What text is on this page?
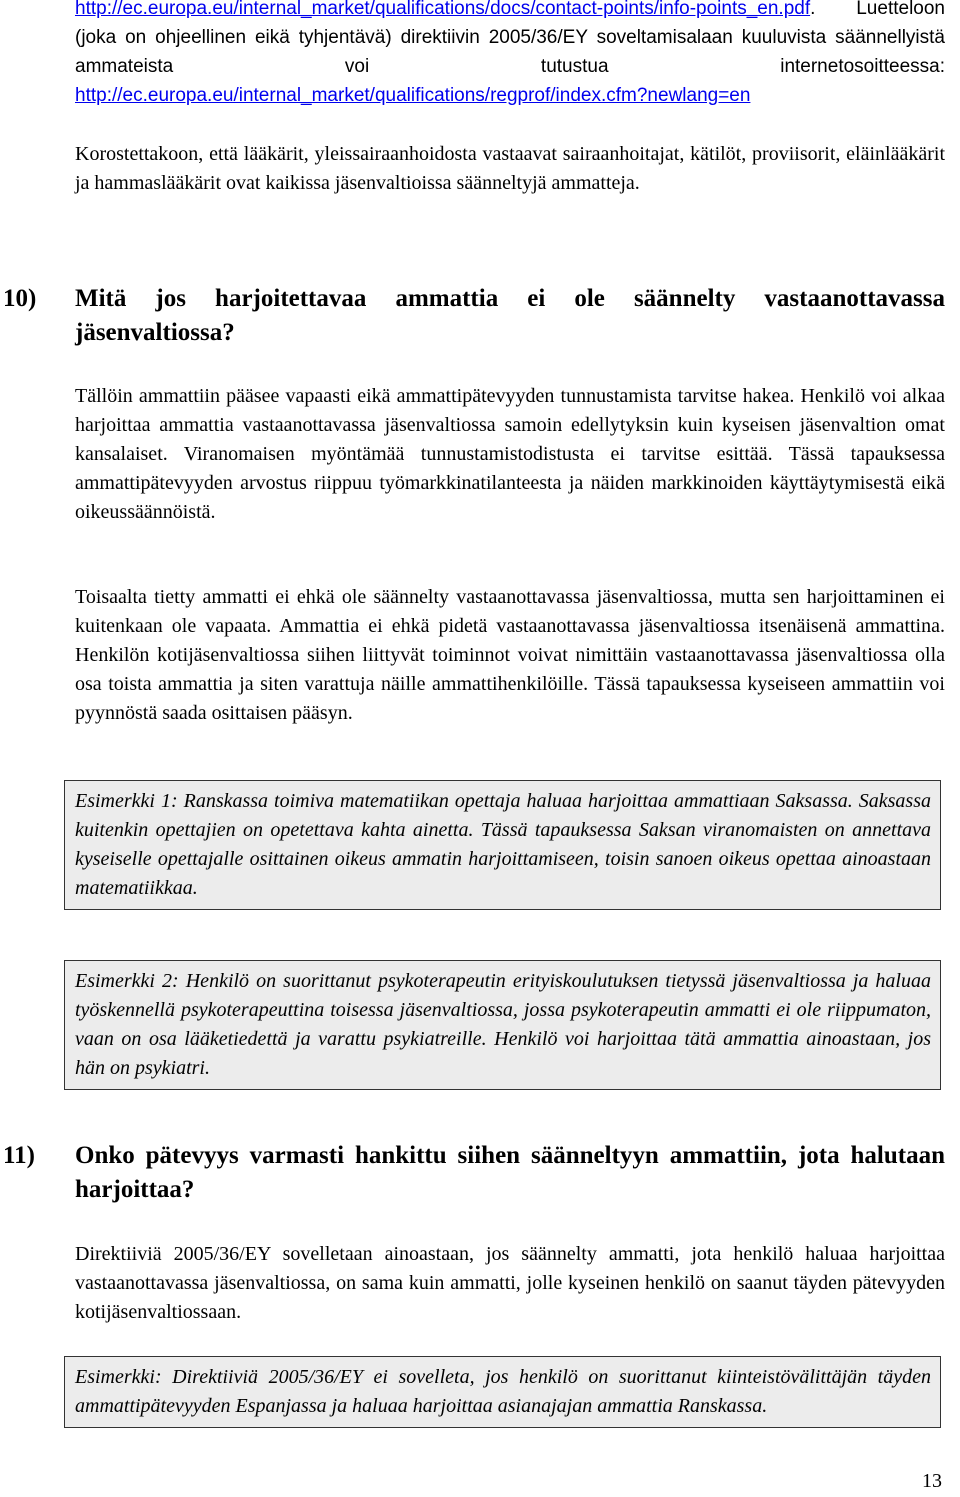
http://ec.europa.eu/internal_market/qualifications/docs/contact-points/info-points_en.pdf. Luetteloon (joka on ohjeellinen eikä tyhjentävä) direktiivin 2005/36/EY soveltamisalaan kuuluvista säännellyistä ammateista voi tutustua internetosoitteessa: http://ec.europa.eu/internal_market/qualifications/regprof/index.cfm?newlang=en

Korostettakoon, että lääkärit, yleissairaanhoidosta vastaavat sairaanhoitajat, kätilöt, proviisorit, eläinlääkärit ja hammaslääkärit ovat kaikissa jäsenvaltioissa säänneltyjä ammatteja.

10) Mitä jos harjoitettavaa ammattia ei ole säännelty vastaanottavassa jäsenvaltiossa?

Tällöin ammattiin pääsee vapaasti eikä ammattipätevyyden tunnustamista tarvitse hakea. Henkilö voi alkaa harjoittaa ammattia vastaanottavassa jäsenvaltiossa samoin edellytyksin kuin kyseisen jäsenvaltion omat kansalaiset. Viranomaisen myöntämää tunnustamistodistusta ei tarvitse esittää. Tässä tapauksessa ammattipätevyyden arvostus riippuu työmarkkinatilanteesta ja näiden markkinoiden käyttäytymisestä eikä oikeussäännöistä.

Toisaalta tietty ammatti ei ehkä ole säännelty vastaanottavassa jäsenvaltiossa, mutta sen harjoittaminen ei kuitenkaan ole vapaata. Ammattia ei ehkä pidetä vastaanottavassa jäsenvaltiossa itsenäisenä ammattina. Henkilön kotijäsenvaltiossa siihen liittyvät toiminnot voivat nimittäin vastaanottavassa jäsenvaltiossa olla osa toista ammattia ja siten varattuja näille ammattihenkilöille. Tässä tapauksessa kyseiseen ammattiin voi pyynnöstä saada osittaisen pääsyn.

Esimerkki 1: Ranskassa toimiva matematiikan opettaja haluaa harjoittaa ammattiaan Saksassa. Saksassa kuitenkin opettajien on opetettava kahta ainetta. Tässä tapauksessa Saksan viranomaisten on annettava kyseiselle opettajalle osittainen oikeus ammatin harjoittamiseen, toisin sanoen oikeus opettaa ainoastaan matematiikkaa.
Esimerkki 2: Henkilö on suorittanut psykoterapeutin erityiskoulutuksen tietyssä jäsenvaltiossa ja haluaa työskennellä psykoterapeuttina toisessa jäsenvaltiossa, jossa psykoterapeutin ammatti ei ole riippumaton, vaan on osa lääketiedettä ja varattu psykiatreille. Henkilö voi harjoittaa tätä ammattia ainoastaan, jos hän on psykiatri.
11) Onko pätevyys varmasti hankittu siihen säänneltyyn ammattiin, jota halutaan harjoittaa?

Direktiiviä 2005/36/EY sovelletaan ainoastaan, jos säännelty ammatti, jota henkilö haluaa harjoittaa vastaanottavassa jäsenvaltiossa, on sama kuin ammatti, jolle kyseinen henkilö on saanut täyden pätevyyden kotijäsenvaltiossaan.

Esimerkki: Direktiiviä 2005/36/EY ei sovelleta, jos henkilö on suorittanut kiinteistövälittäjän täyden ammattipätevyyden Espanjassa ja haluaa harjoittaa asianajajan ammattia Ranskassa.
13
